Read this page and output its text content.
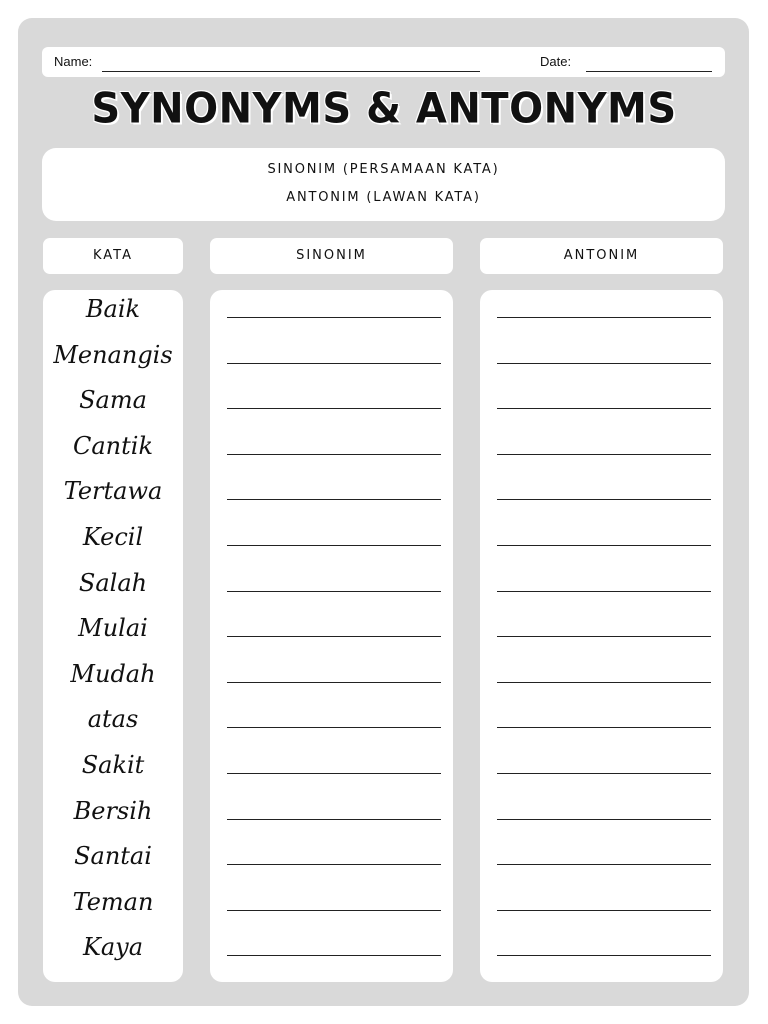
Name:	Date:
SYNONYMS & ANTONYMS
SINONIM (PERSAMAAN KATA)
ANTONIM (LAWAN KATA)
KATA	SINONIM	ANTONIM
Baik
Menangis
Sama
Cantik
Tertawa
Kecil
Salah
Mulai
Mudah
atas
Sakit
Bersih
Santai
Teman
Kaya
